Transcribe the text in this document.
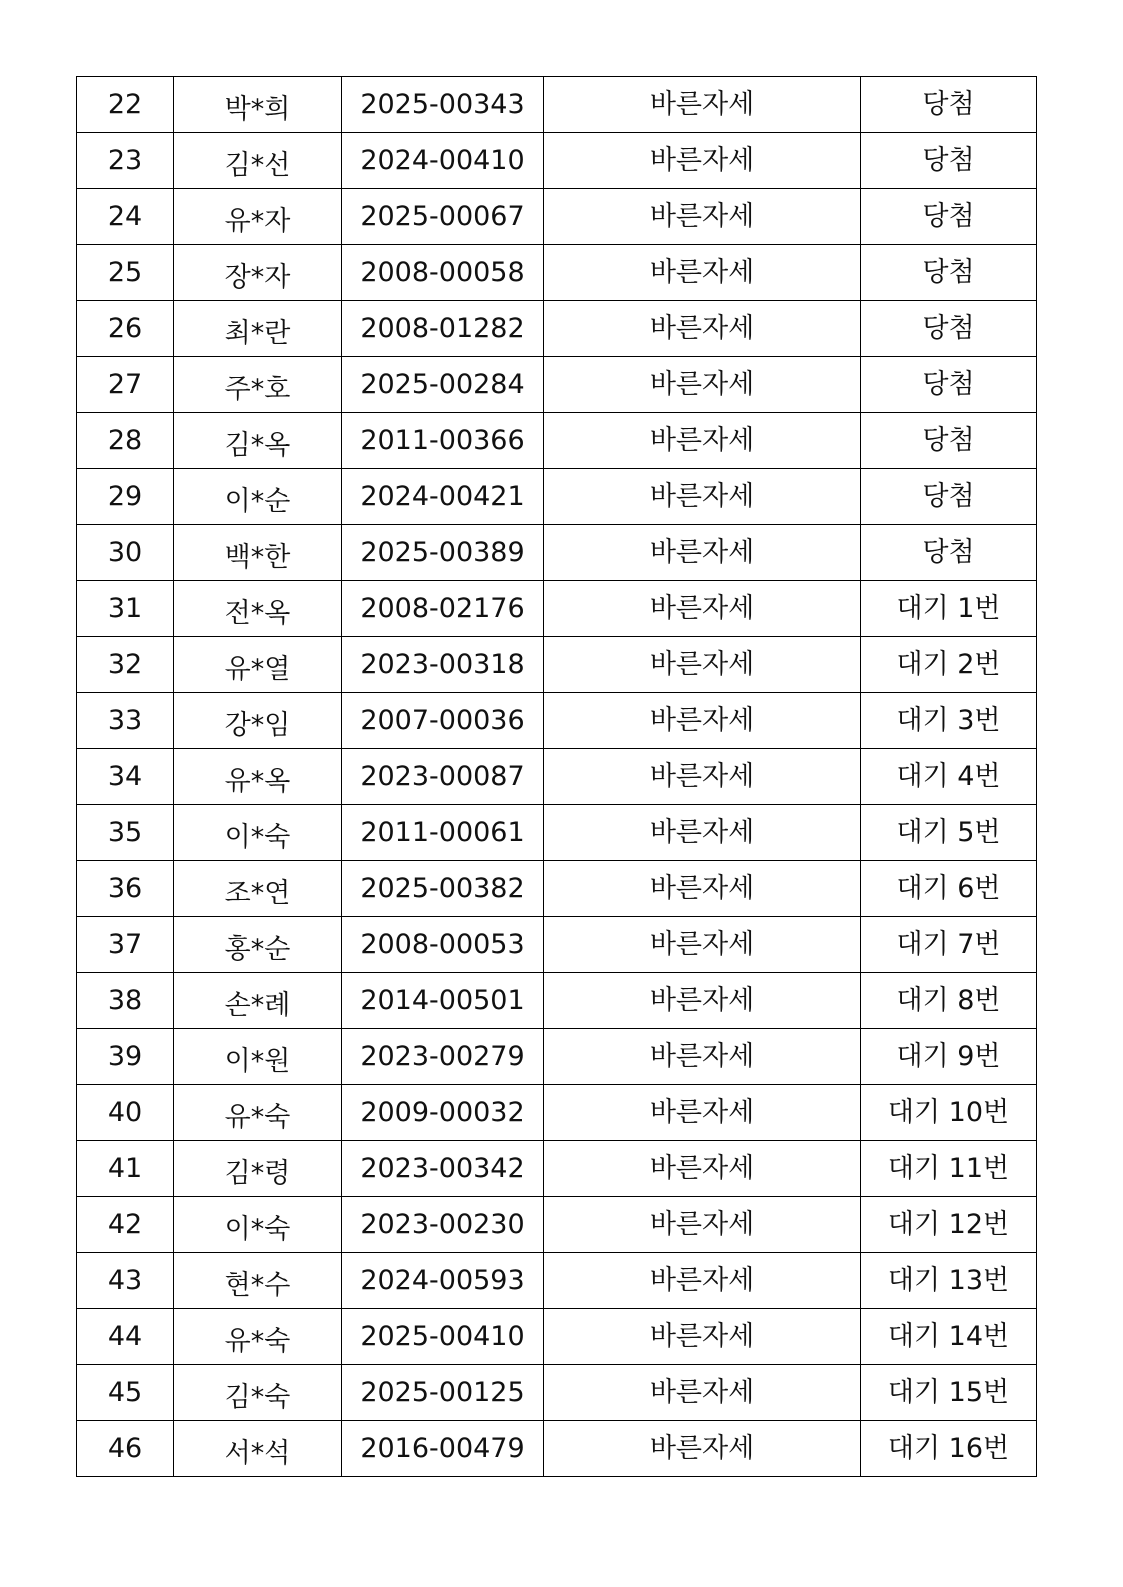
22	박*희	2025-00343	바른자세	당첨
23	김*선	2024-00410	바른자세	당첨
24	유*자	2025-00067	바른자세	당첨
25	장*자	2008-00058	바른자세	당첨
26	최*란	2008-01282	바른자세	당첨
27	주*호	2025-00284	바른자세	당첨
28	김*옥	2011-00366	바른자세	당첨
29	이*순	2024-00421	바른자세	당첨
30	백*한	2025-00389	바른자세	당첨
31	전*옥	2008-02176	바른자세	대기 1번
32	유*열	2023-00318	바른자세	대기 2번
33	강*임	2007-00036	바른자세	대기 3번
34	유*옥	2023-00087	바른자세	대기 4번
35	이*숙	2011-00061	바른자세	대기 5번
36	조*연	2025-00382	바른자세	대기 6번
37	홍*순	2008-00053	바른자세	대기 7번
38	손*례	2014-00501	바른자세	대기 8번
39	이*원	2023-00279	바른자세	대기 9번
40	유*숙	2009-00032	바른자세	대기 10번
41	김*령	2023-00342	바른자세	대기 11번
42	이*숙	2023-00230	바른자세	대기 12번
43	현*수	2024-00593	바른자세	대기 13번
44	유*숙	2025-00410	바른자세	대기 14번
45	김*숙	2025-00125	바른자세	대기 15번
46	서*석	2016-00479	바른자세	대기 16번
